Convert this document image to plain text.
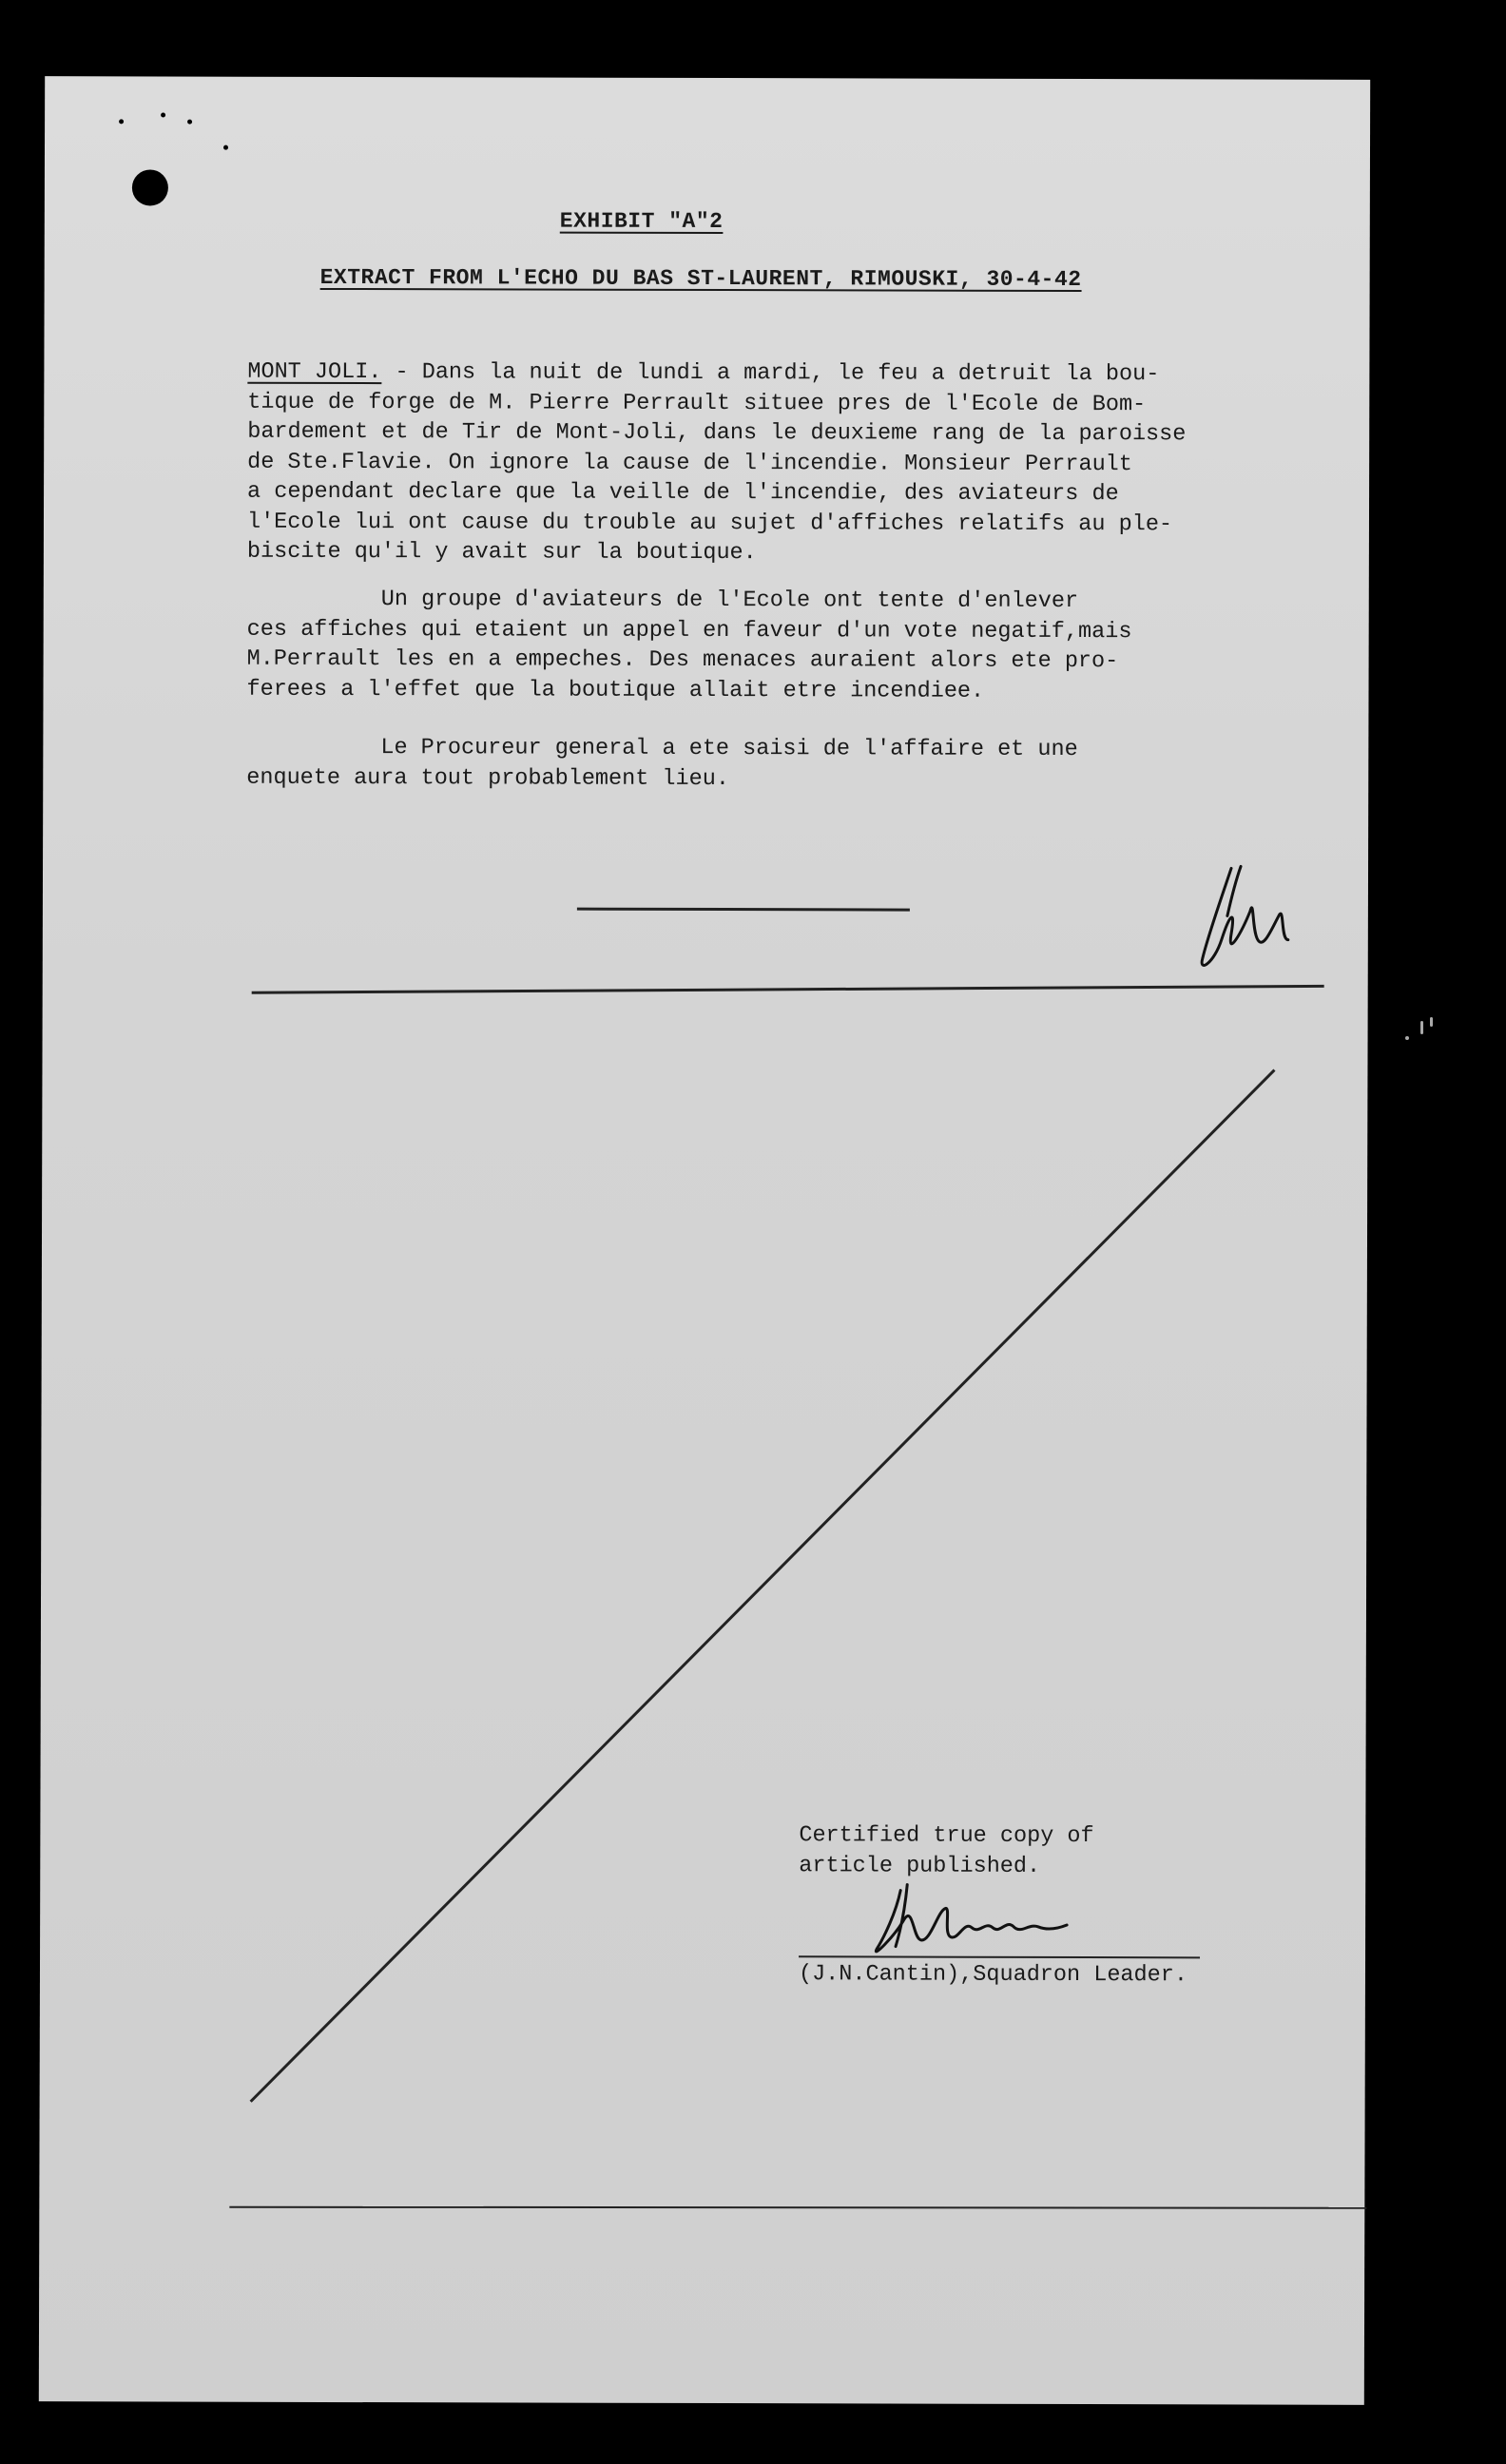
EXHIBIT "A"2
EXTRACT FROM L'ECHO DU BAS ST-LAURENT, RIMOUSKI, 30-4-42
MONT JOLI. - Dans la nuit de lundi a mardi, le feu a detruit la bou-
tique de forge de M. Pierre Perrault situee pres de l'Ecole de Bom-
bardement et de Tir de Mont-Joli, dans le deuxieme rang de la paroisse
de Ste.Flavie. On ignore la cause de l'incendie. Monsieur Perrault
a cependant declare que la veille de l'incendie, des aviateurs de
l'Ecole lui ont cause du trouble au sujet d'affiches relatifs au ple-
biscite qu'il y avait sur la boutique.
Un groupe d'aviateurs de l'Ecole ont tente d'enlever
ces affiches qui etaient un appel en faveur d'un vote negatif,mais
M.Perrault les en a empeches. Des menaces auraient alors ete pro-
ferees a l'effet que la boutique allait etre incendiee.
Le Procureur general a ete saisi de l'affaire et une
enquete aura tout probablement lieu.
Certified true copy of
article published.
(J.N.Cantin),Squadron Leader.
